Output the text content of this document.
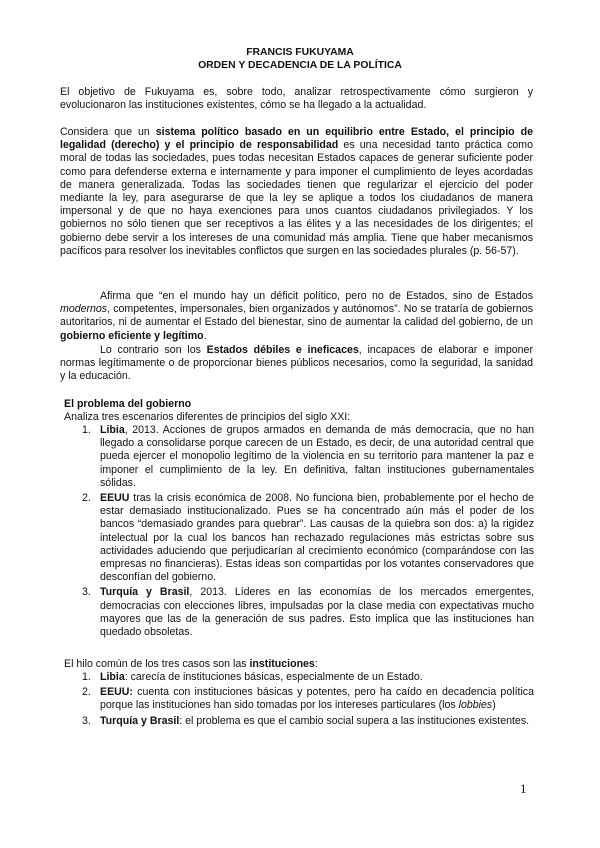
FRANCIS FUKUYAMA
ORDEN Y DECADENCIA DE LA POLÍTICA

El objetivo de Fukuyama es, sobre todo, analizar retrospectivamente cómo surgieron y evolucionaron las instituciones existentes, cómo se ha llegado a la actualidad.

Considera que un sistema político basado en un equilibrio entre Estado, el principio de legalidad (derecho) y el principio de responsabilidad es una necesidad tanto práctica como moral de todas las sociedades, pues todas necesitan Estados capaces de generar suficiente poder como para defenderse externa e internamente y para imponer el cumplimiento de leyes acordadas de manera generalizada. Todas las sociedades tienen que regularizar el ejercicio del poder mediante la ley, para asegurarse de que la ley se aplique a todos los ciudadanos de manera impersonal y de que no haya exenciones para unos cuantos ciudadanos privilegiados. Y los gobiernos no sólo tienen que ser receptivos a las élites y a las necesidades de los dirigentes; el gobierno debe servir a los intereses de una comunidad más amplia. Tiene que haber mecanismos pacíficos para resolver los inevitables conflictos que surgen en las sociedades plurales (p. 56-57).

Afirma que “en el mundo hay un déficit político, pero no de Estados, sino de Estados modernos, competentes, impersonales, bien organizados y autónomos”. No se trataría de gobiernos autoritarios, ni de aumentar el Estado del bienestar, sino de aumentar la calidad del gobierno, de un gobierno eficiente y legítimo.

Lo contrario son los Estados débiles e ineficaces, incapaces de elaborar e imponer normas legítimamente o de proporcionar bienes públicos necesarios, como la seguridad, la sanidad y la educación.

El problema del gobierno
Analiza tres escenarios diferentes de principios del siglo XXI:
1. Libia, 2013. Acciones de grupos armados en demanda de más democracia, que no han llegado a consolidarse porque carecen de un Estado, es decir, de una autoridad central que pueda ejercer el monopolio legítimo de la violencia en su territorio para mantener la paz e imponer el cumplimiento de la ley. En definitiva, faltan instituciones gubernamentales sólidas.
2. EEUU tras la crisis económica de 2008. No funciona bien, probablemente por el hecho de estar demasiado institucionalizado. Pues se ha concentrado aún más el poder de los bancos “demasiado grandes para quebrar”. Las causas de la quiebra son dos: a) la rigidez intelectual por la cual los bancos han rechazado regulaciones más estrictas sobre sus actividades aduciendo que perjudicarían al crecimiento económico (comparándose con las empresas no financieras). Estas ideas son compartidas por los votantes conservadores que desconfían del gobierno.
3. Turquía y Brasil, 2013. Líderes en las economías de los mercados emergentes, democracias con elecciones libres, impulsadas por la clase media con expectativas mucho mayores que las de la generación de sus padres. Esto implica que las instituciones han quedado obsoletas.
El hilo común de los tres casos son las instituciones:
1. Libia: carecía de instituciones básicas, especialmente de un Estado.
2. EEUU: cuenta con instituciones básicas y potentes, pero ha caído en decadencia política porque las instituciones han sido tomadas por los intereses particulares (los lobbies)
3. Turquía y Brasil: el problema es que el cambio social supera a las instituciones existentes.
1
